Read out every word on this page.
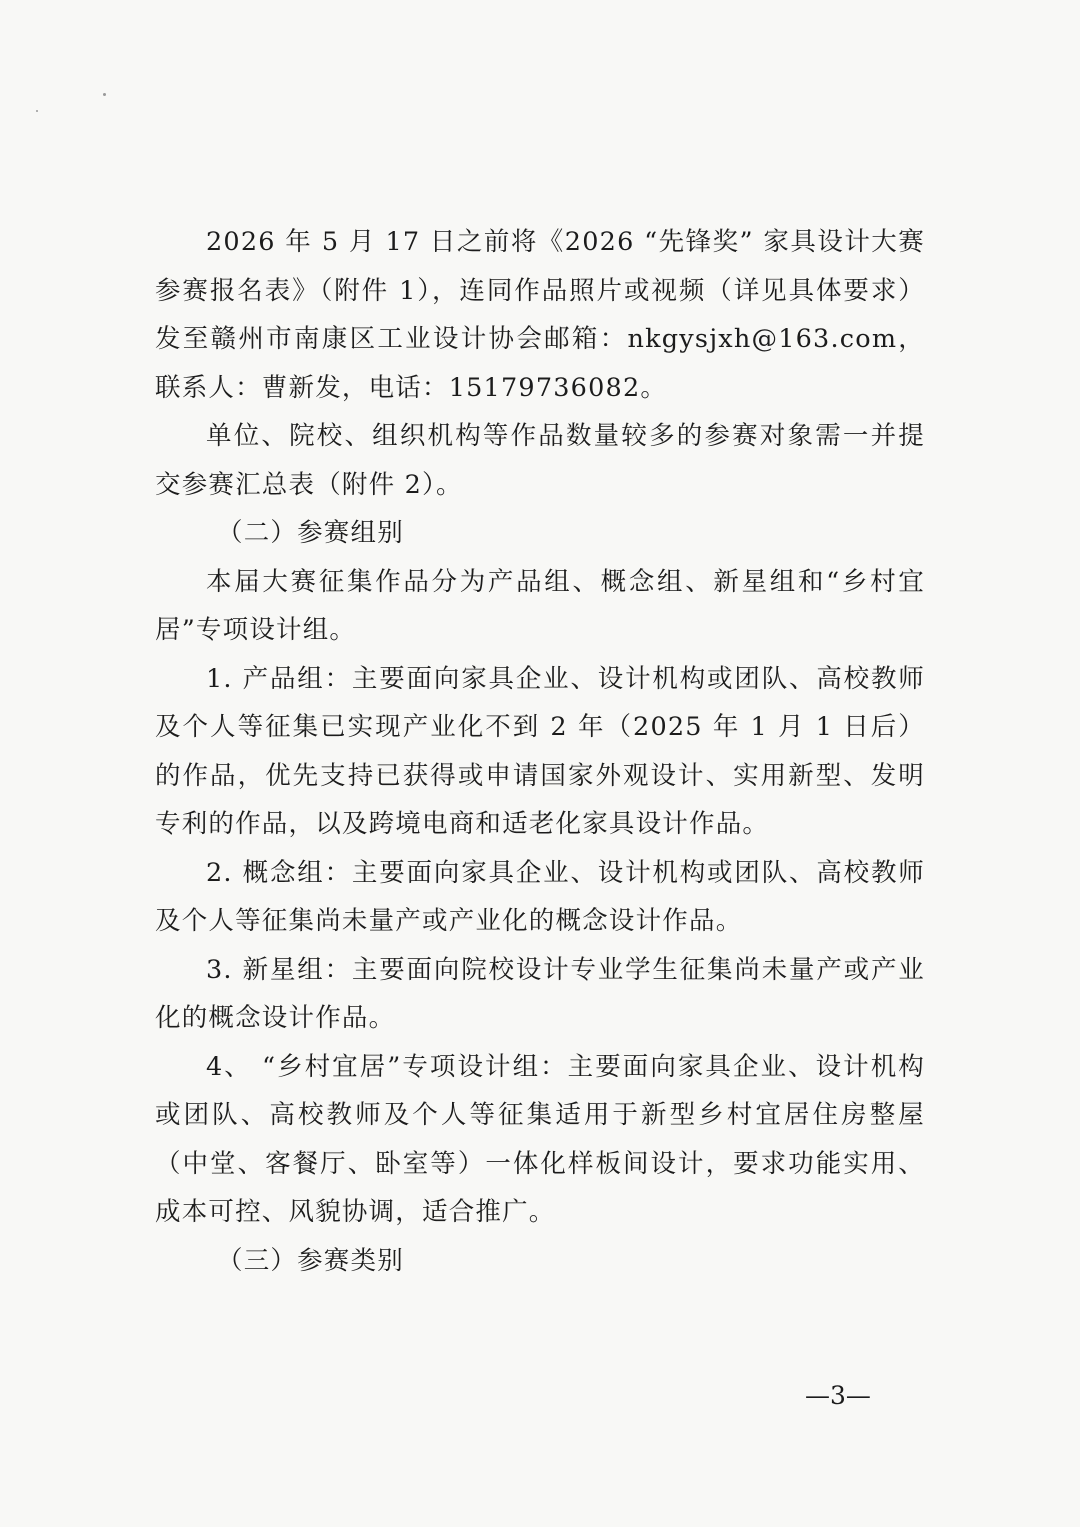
2026 年 5 月 17 日之前将《2026 “先锋奖” 家具设计大赛参赛报名表》（附件 1），连同作品照片或视频（详见具体要求）发至赣州市南康区工业设计协会邮箱：nkgysjxh@163.com，联系人：曹新发，电话：15179736082。

单位、院校、组织机构等作品数量较多的参赛对象需一并提交参赛汇总表（附件 2）。

（二）参赛组别

本届大赛征集作品分为产品组、概念组、新星组和“乡村宜居”专项设计组。

1. 产品组：主要面向家具企业、设计机构或团队、高校教师及个人等征集已实现产业化不到 2 年（2025 年 1 月 1 日后）的作品，优先支持已获得或申请国家外观设计、实用新型、发明专利的作品，以及跨境电商和适老化家具设计作品。

2. 概念组：主要面向家具企业、设计机构或团队、高校教师及个人等征集尚未量产或产业化的概念设计作品。

3. 新星组：主要面向院校设计专业学生征集尚未量产或产业化的概念设计作品。

4、 “乡村宜居”专项设计组：主要面向家具企业、设计机构或团队、高校教师及个人等征集适用于新型乡村宜居住房整屋（中堂、客餐厅、卧室等）一体化样板间设计，要求功能实用、成本可控、风貌协调，适合推广。

（三）参赛类别

—3—
